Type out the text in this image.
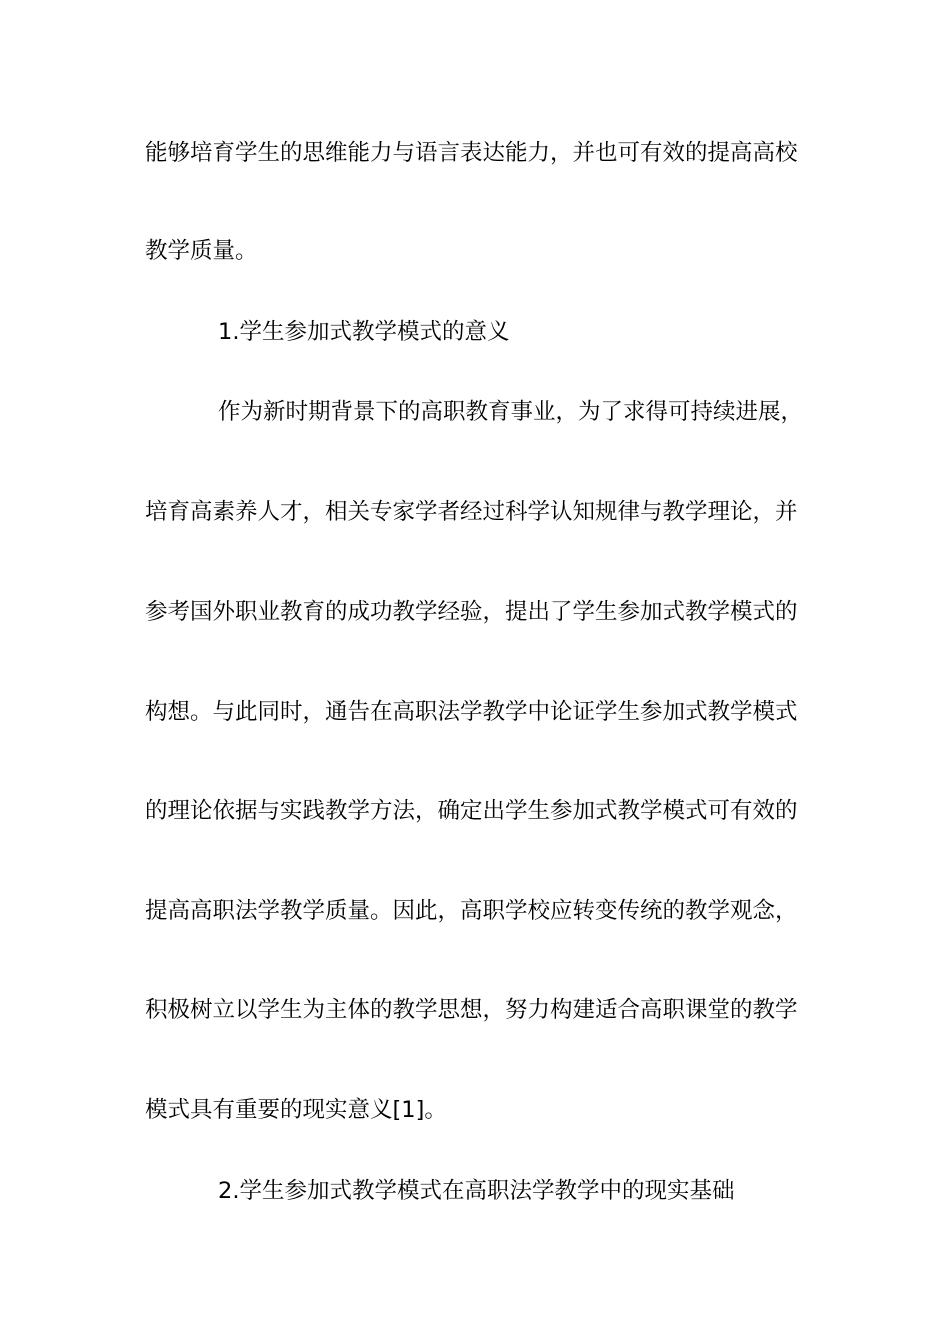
能够培育学生的思维能力与语言表达能力，并也可有效的提高高校
教学质量。
1.学生参加式教学模式的意义
作为新时期背景下的高职教育事业，为了求得可持续进展，
培育高素养人才，相关专家学者经过科学认知规律与教学理论，并
参考国外职业教育的成功教学经验，提出了学生参加式教学模式的
构想。与此同时，通告在高职法学教学中论证学生参加式教学模式
的理论依据与实践教学方法，确定出学生参加式教学模式可有效的
提高高职法学教学质量。因此，高职学校应转变传统的教学观念，
积极树立以学生为主体的教学思想，努力构建适合高职课堂的教学
模式具有重要的现实意义[1]。
2.学生参加式教学模式在高职法学教学中的现实基础
